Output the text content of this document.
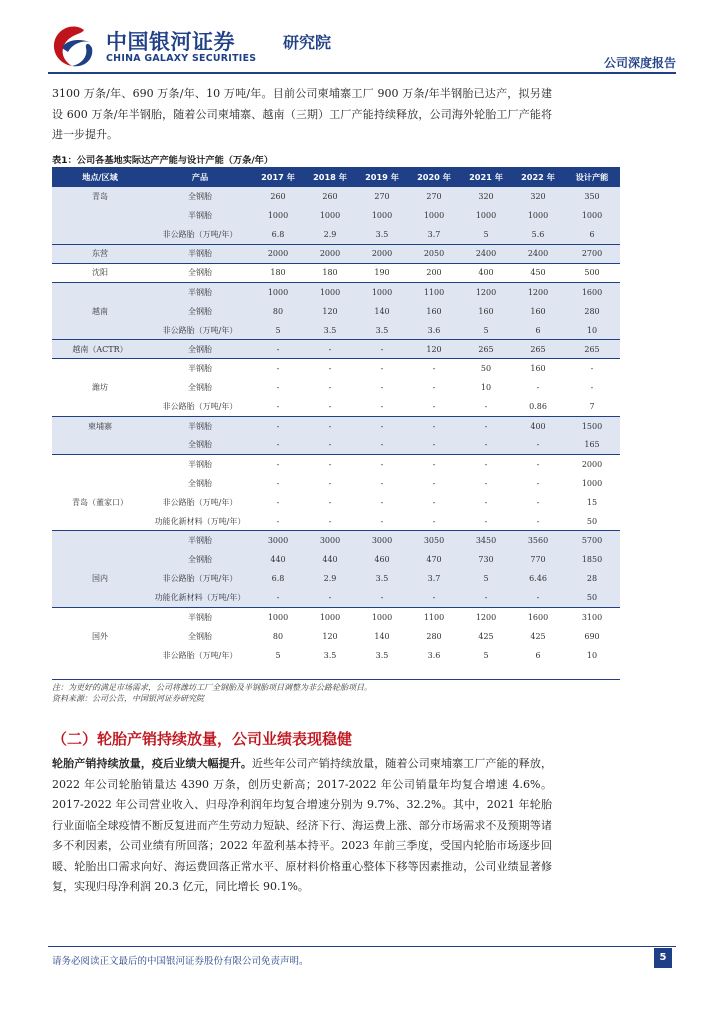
中国银河证券
CHINA GALAXY SECURITIES
研究院
公司深度报告
3100 万条/年、690 万条/年、10 万吨/年。目前公司柬埔寨工厂 900 万条/年半钢胎已达产，拟另建设 600 万条/年半钢胎，随着公司柬埔寨、越南（三期）工厂产能持续释放，公司海外轮胎工厂产能将进一步提升。
表1：公司各基地实际达产产能与设计产能（万条/年）
地点/区域	产品	2017 年	2018 年	2019 年	2020 年	2021 年	2022 年	设计产能
青岛	全钢胎	260	260	270	270	320	320	350
	半钢胎	1000	1000	1000	1000	1000	1000	1000
	非公路胎（万吨/年）	6.8	2.9	3.5	3.7	5	5.6	6
东营	半钢胎	2000	2000	2000	2050	2400	2400	2700
沈阳	全钢胎	180	180	190	200	400	450	500
	半钢胎	1000	1000	1000	1100	1200	1200	1600
越南	全钢胎	80	120	140	160	160	160	280
	非公路胎（万吨/年）	5	3.5	3.5	3.6	5	6	10
越南（ACTR）	全钢胎	-	-	-	120	265	265	265
	半钢胎	-	-	-	-	50	160	-
潍坊	全钢胎	-	-	-	-	10	-	-
	非公路胎（万吨/年）	-	-	-	-	-	0.86	7
柬埔寨	半钢胎	-	-	-	-	-	400	1500
	全钢胎	-	-	-	-	-	-	165
	半钢胎	-	-	-	-	-	-	2000
	全钢胎	-	-	-	-	-	-	1000
青岛（董家口）	非公路胎（万吨/年）	-	-	-	-	-	-	15
	功能化新材料（万吨/年）	-	-	-	-	-	-	50
	半钢胎	3000	3000	3000	3050	3450	3560	5700
	全钢胎	440	440	460	470	730	770	1850
国内	非公路胎（万吨/年）	6.8	2.9	3.5	3.7	5	6.46	28
	功能化新材料（万吨/年）	-	-	-	-	-	-	50
	半钢胎	1000	1000	1000	1100	1200	1600	3100
国外	全钢胎	80	120	140	280	425	425	690
	非公路胎（万吨/年）	5	3.5	3.5	3.6	5	6	10
注：为更好的满足市场需求，公司将潍坊工厂全钢胎及半钢胎项目调整为非公路轮胎项目。
资料来源：公司公告，中国银河证券研究院
（二）轮胎产销持续放量，公司业绩表现稳健
轮胎产销持续放量，疫后业绩大幅提升。近些年公司产销持续放量，随着公司柬埔寨工厂产能的释放，2022 年公司轮胎销量达 4390 万条，创历史新高；2017-2022 年公司销量年均复合增速 4.6%。2017-2022 年公司营业收入、归母净利润年均复合增速分别为 9.7%、32.2%。其中，2021 年轮胎行业面临全球疫情不断反复进而产生劳动力短缺、经济下行、海运费上涨、部分市场需求不及预期等诸多不利因素，公司业绩有所回落；2022 年盈利基本持平。2023 年前三季度，受国内轮胎市场逐步回暖、轮胎出口需求向好、海运费回落正常水平、原材料价格重心整体下移等因素推动，公司业绩显著修复，实现归母净利润 20.3 亿元，同比增长 90.1%。
请务必阅读正文最后的中国银河证券股份有限公司免责声明。	5
